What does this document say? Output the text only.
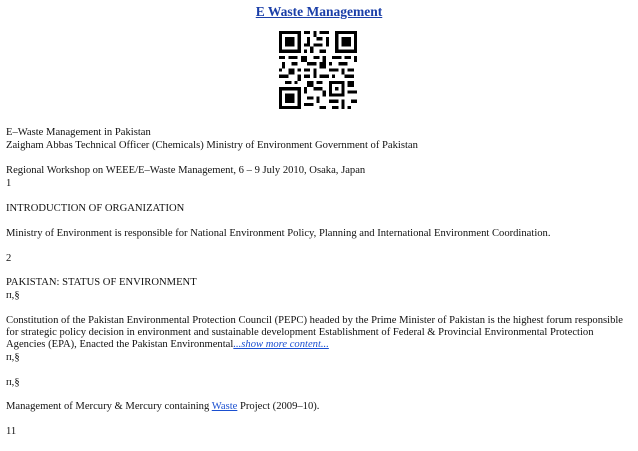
E Waste Management
E–Waste Management in Pakistan
Zaigham Abbas Technical Officer (Chemicals) Ministry of Environment Government of Pakistan
Regional Workshop on WEEE/E–Waste Management, 6 – 9 July 2010, Osaka, Japan
1
INTRODUCTION OF ORGANIZATION
Ministry of Environment is responsible for National Environment Policy, Planning and International Environment Coordination.
2
PAKISTAN: STATUS OF ENVIRONMENT
п,§
Constitution of the Pakistan Environmental Protection Council (PEPC) headed by the Prime Minister of Pakistan is the highest forum responsible for strategic policy decision in environment and sustainable development Establishment of Federal & Provincial Environmental Protection Agencies (EPA), Enacted the Pakistan Environmental...show more content...
п,§
п,§
Management of Mercury & Mercury containing Waste Project (2009–10).
11
